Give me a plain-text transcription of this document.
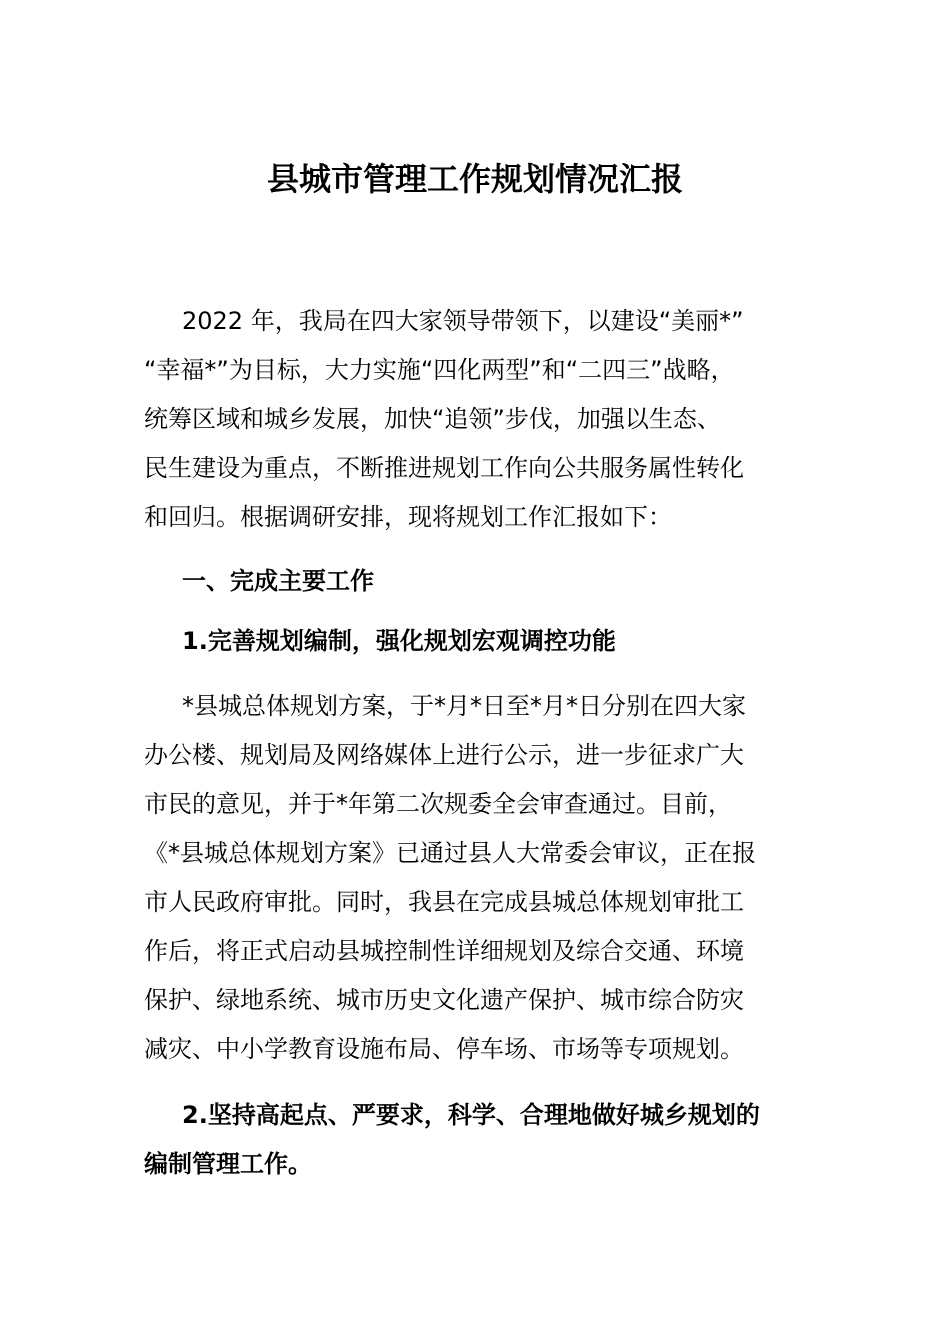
县城市管理工作规划情况汇报
2022 年，我局在四大家领导带领下，以建设“美丽*”
“幸福*”为目标，大力实施“四化两型”和“二四三”战略，
统筹区域和城乡发展，加快“追领”步伐，加强以生态、
民生建设为重点，不断推进规划工作向公共服务属性转化
和回归。根据调研安排，现将规划工作汇报如下：
一、完成主要工作
1.完善规划编制，强化规划宏观调控功能
*县城总体规划方案，于*月*日至*月*日分别在四大家
办公楼、规划局及网络媒体上进行公示，进一步征求广大
市民的意见，并于*年第二次规委全会审查通过。目前，
《*县城总体规划方案》已通过县人大常委会审议，正在报
市人民政府审批。同时，我县在完成县城总体规划审批工
作后，将正式启动县城控制性详细规划及综合交通、环境
保护、绿地系统、城市历史文化遗产保护、城市综合防灾
减灾、中小学教育设施布局、停车场、市场等专项规划。
2.坚持高起点、严要求，科学、合理地做好城乡规划的
编制管理工作。
